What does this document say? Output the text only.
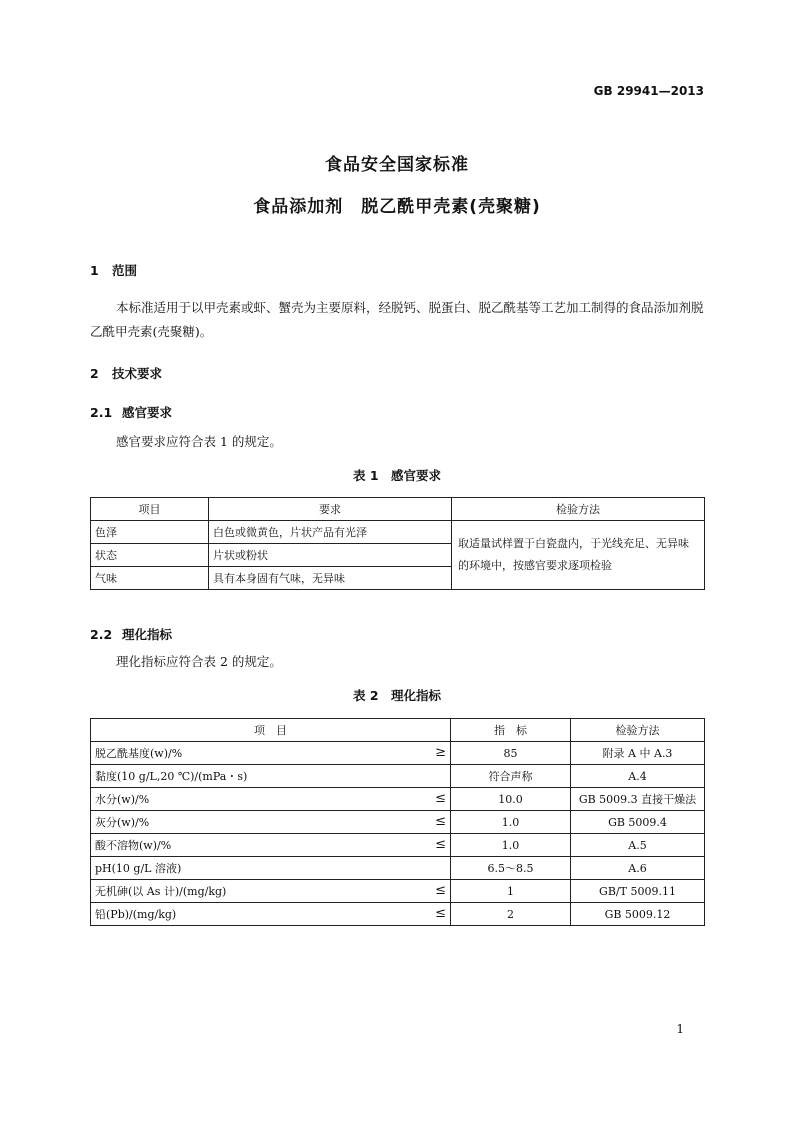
GB 29941—2013
食品安全国家标准
食品添加剂　脱乙酰甲壳素(壳聚糖)
1 范围
本标准适用于以甲壳素或虾、蟹壳为主要原料，经脱钙、脱蛋白、脱乙酰基等工艺加工制得的食品添加剂脱乙酰甲壳素(壳聚糖)。
2 技术要求
2.1 感官要求
感官要求应符合表 1 的规定。
表 1　感官要求
项目	要求	检验方法
色泽	白色或微黄色，片状产品有光泽	取适量试样置于白瓷盘内，于光线充足、无异味的环境中，按感官要求逐项检验
状态	片状或粉状	
气味	具有本身固有气味，无异味	
2.2 理化指标
理化指标应符合表 2 的规定。
表 2　理化指标
项　目	指　标	检验方法
脱乙酰基度(w)/% ≥	85	附录 A 中 A.3
黏度(10 g/L,20 ℃)/(mPa・s)	符合声称	A.4
水分(w)/% ≤	10.0	GB 5009.3 直接干燥法
灰分(w)/% ≤	1.0	GB 5009.4
酸不溶物(w)/% ≤	1.0	A.5
pH(10 g/L 溶液)	6.5～8.5	A.6
无机砷(以 As 计)/(mg/kg) ≤	1	GB/T 5009.11
铅(Pb)/(mg/kg) ≤	2	GB 5009.12
1
